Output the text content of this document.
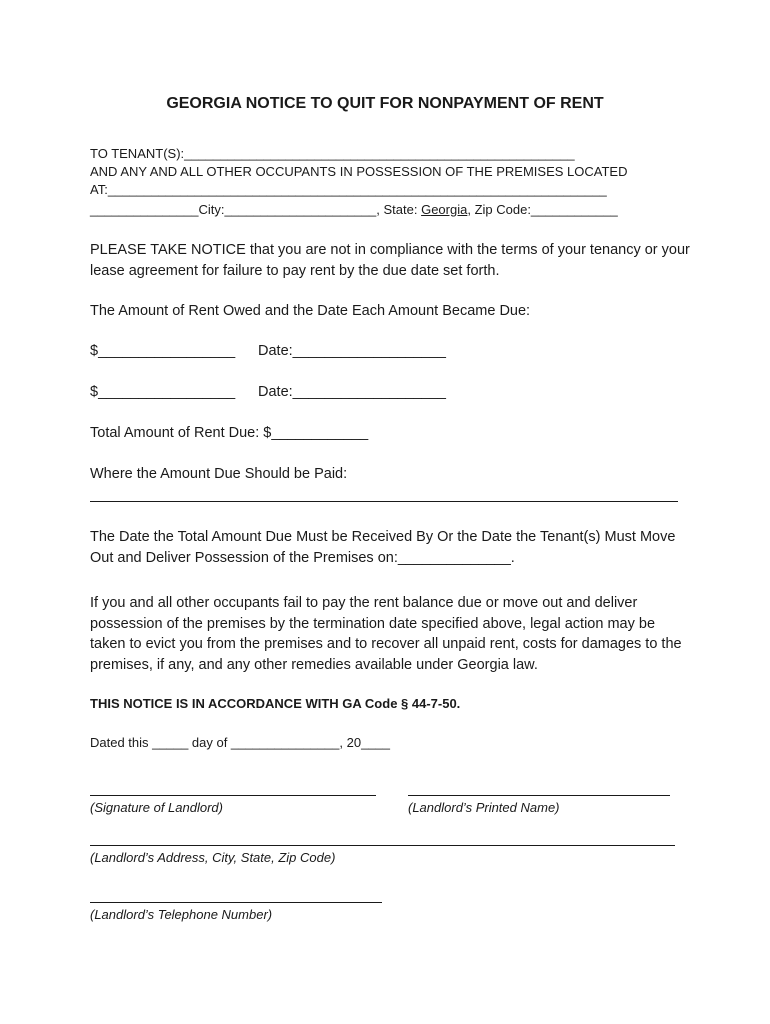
GEORGIA NOTICE TO QUIT FOR NONPAYMENT OF RENT
TO TENANT(S):______________________________________________________
AND ANY AND ALL OTHER OCCUPANTS IN POSSESSION OF THE PREMISES LOCATED
AT:_____________________________________________________________________
_______________City:_____________________, State: Georgia, Zip Code:____________
PLEASE TAKE NOTICE that you are not in compliance with the terms of your tenancy or your lease agreement for failure to pay rent by the due date set forth.
The Amount of Rent Owed and the Date Each Amount Became Due:
$_________________ Date:___________________
$_________________ Date:___________________
Total Amount of Rent Due: $____________
Where the Amount Due Should be Paid:
The Date the Total Amount Due Must be Received By Or the Date the Tenant(s) Must Move Out and Deliver Possession of the Premises on:______________.
If you and all other occupants fail to pay the rent balance due or move out and deliver possession of the premises by the termination date specified above, legal action may be taken to evict you from the premises and to recover all unpaid rent, costs for damages to the premises, if any, and any other remedies available under Georgia law.
THIS NOTICE IS IN ACCORDANCE WITH GA Code § 44-7-50.
Dated this _____ day of _______________, 20____
(Signature of Landlord)	(Landlord’s Printed Name)
(Landlord’s Address, City, State, Zip Code)
(Landlord’s Telephone Number)
